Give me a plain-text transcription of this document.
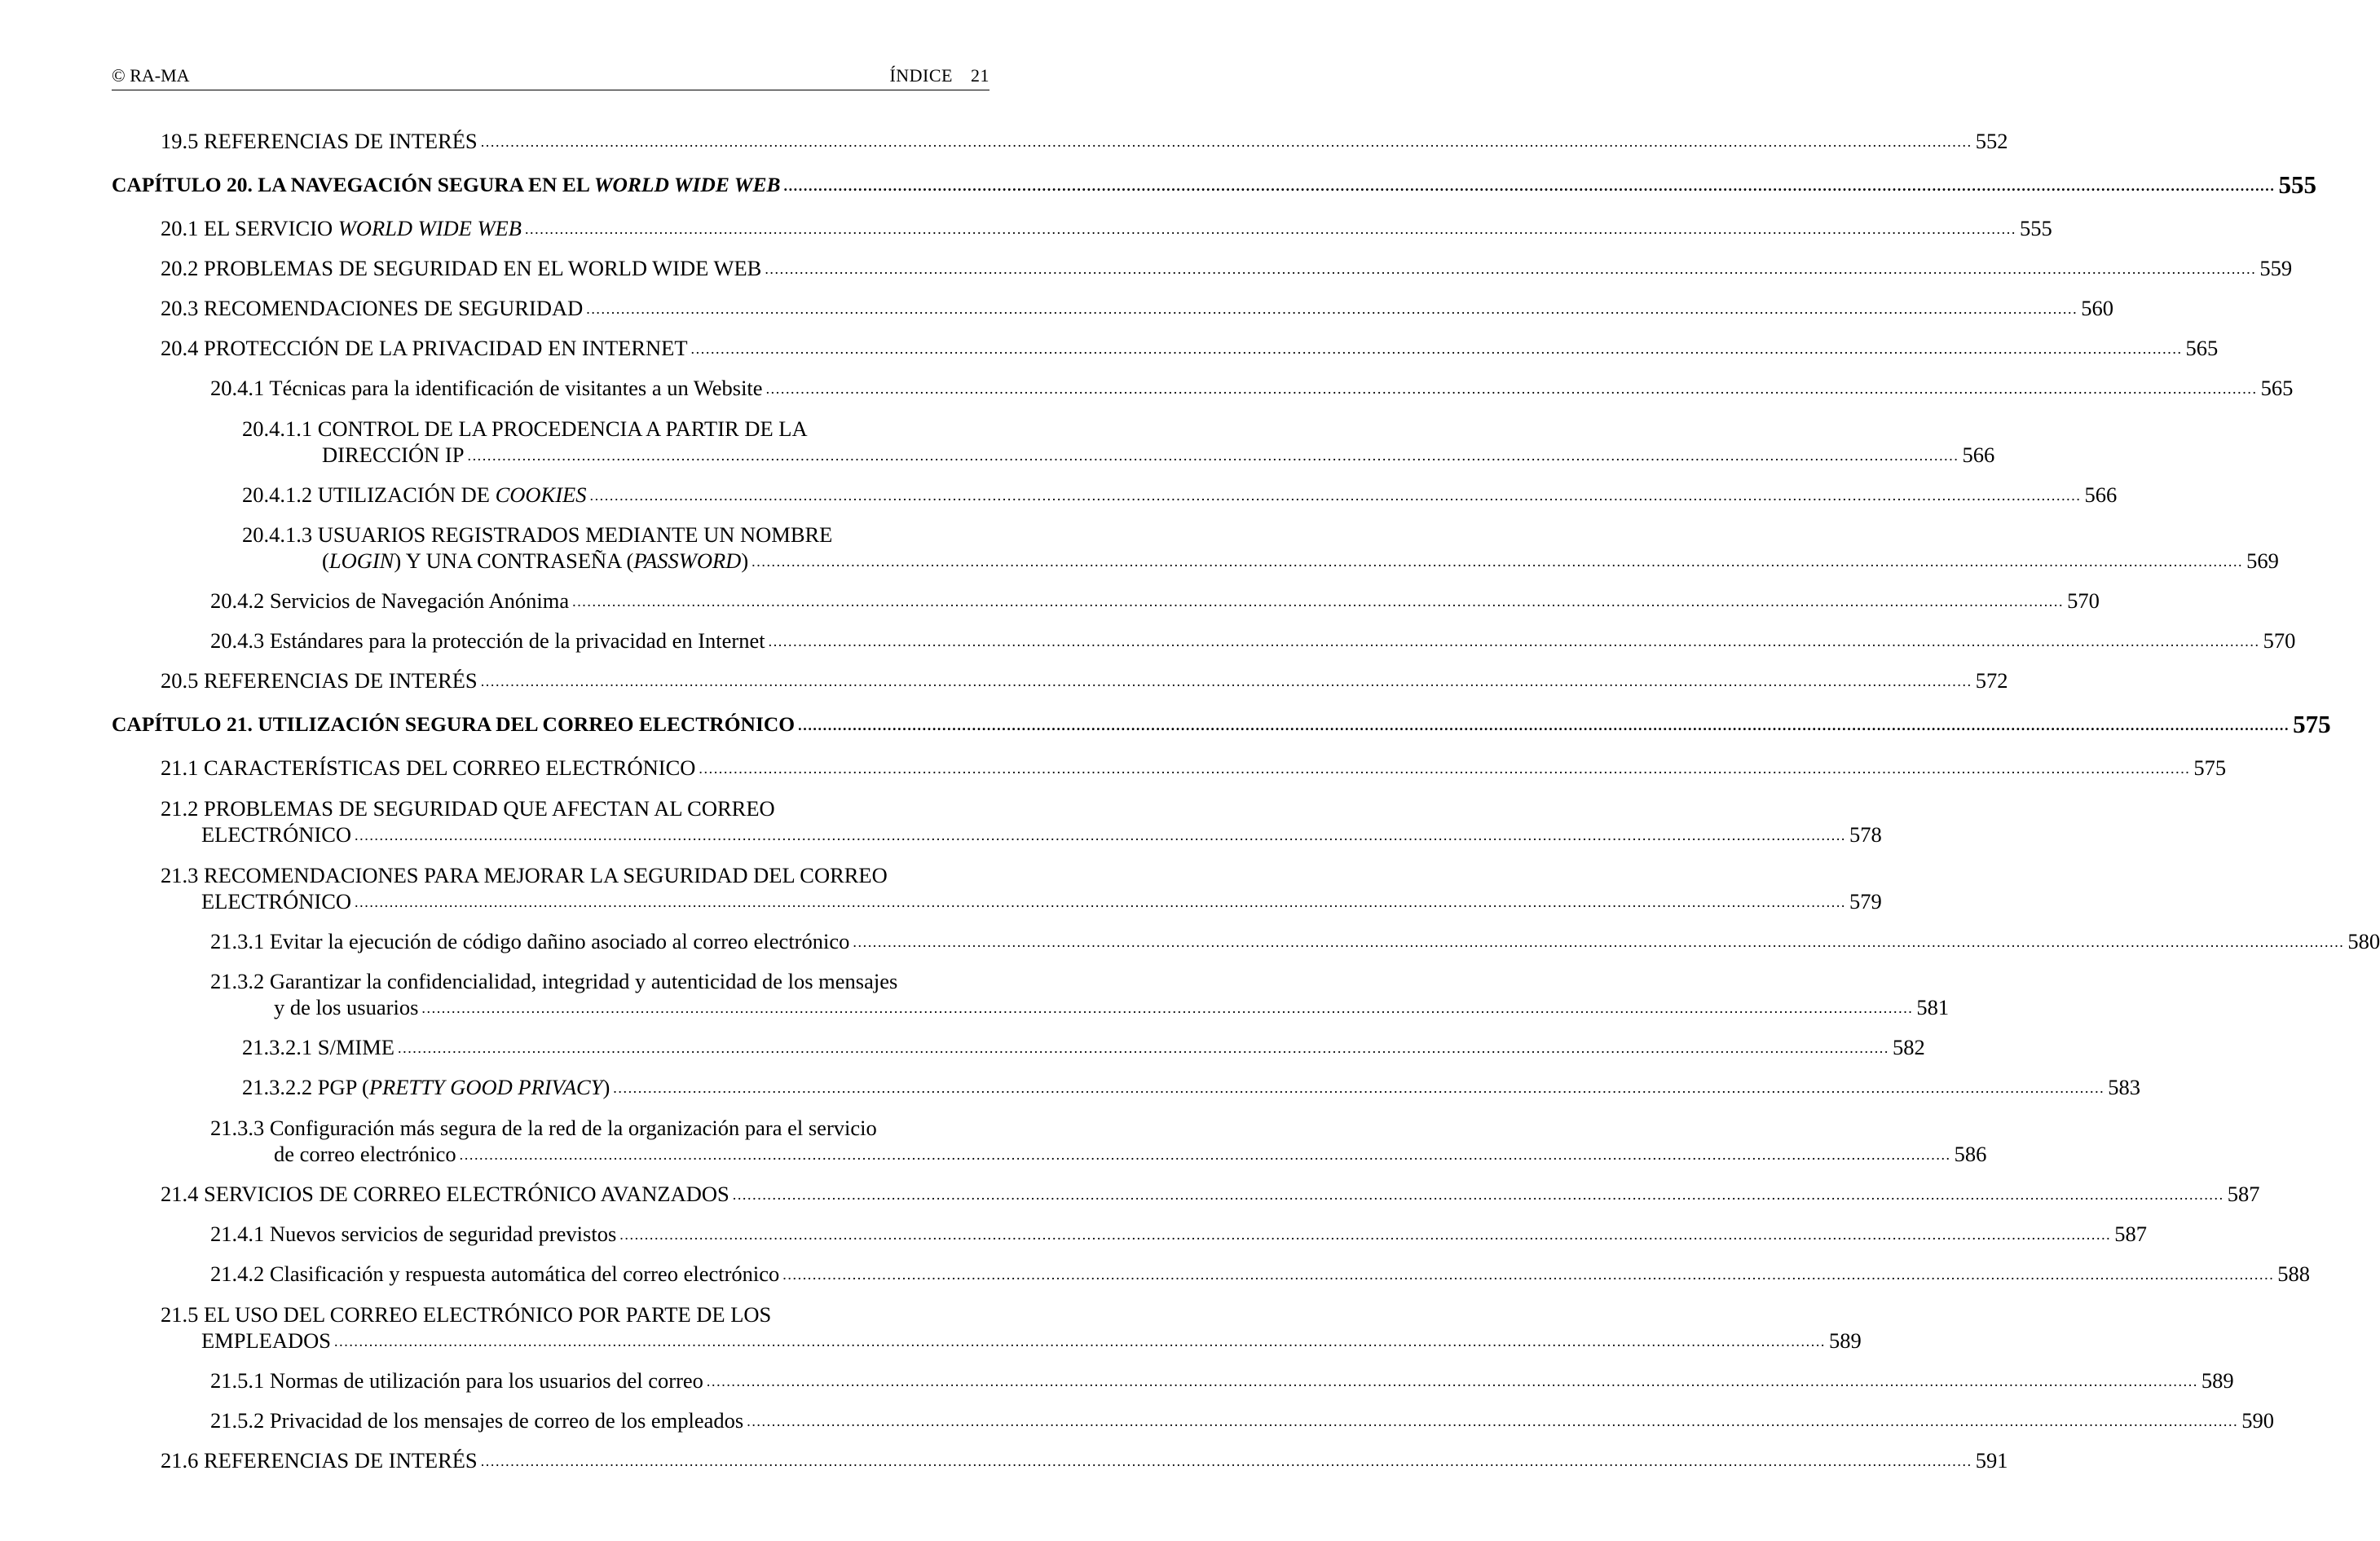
© RA-MA	ÍNDICE 21
19.5 REFERENCIAS DE INTERÉS ............................................................................................................................................................................................................................................................................................................ 552
CAPÍTULO 20. LA NAVEGACIÓN SEGURA EN EL WORLD WIDE WEB ............................................................................................................................................................................................................................................................................................................ 555
20.1 EL SERVICIO WORLD WIDE WEB ............................................................................................................................................................................................................................................................................................................ 555
20.2 PROBLEMAS DE SEGURIDAD EN EL WORLD WIDE WEB ............................................................................................................................................................................................................................................................................................................ 559
20.3 RECOMENDACIONES DE SEGURIDAD ............................................................................................................................................................................................................................................................................................................ 560
20.4 PROTECCIÓN DE LA PRIVACIDAD EN INTERNET ............................................................................................................................................................................................................................................................................................................ 565
20.4.1 Técnicas para la identificación de visitantes a un Website ............................................................................................................................................................................................................................................................................................................ 565
20.4.1.1 CONTROL DE LA PROCEDENCIA A PARTIR DE LA
DIRECCIÓN IP ............................................................................................................................................................................................................................................................................................................ 566
20.4.1.2 UTILIZACIÓN DE COOKIES ............................................................................................................................................................................................................................................................................................................ 566
20.4.1.3 USUARIOS REGISTRADOS MEDIANTE UN NOMBRE
(LOGIN) Y UNA CONTRASEÑA (PASSWORD) ............................................................................................................................................................................................................................................................................................................ 569
20.4.2 Servicios de Navegación Anónima ............................................................................................................................................................................................................................................................................................................ 570
20.4.3 Estándares para la protección de la privacidad en Internet ............................................................................................................................................................................................................................................................................................................ 570
20.5 REFERENCIAS DE INTERÉS ............................................................................................................................................................................................................................................................................................................ 572
CAPÍTULO 21. UTILIZACIÓN SEGURA DEL CORREO ELECTRÓNICO ............................................................................................................................................................................................................................................................................................................ 575
21.1 CARACTERÍSTICAS DEL CORREO ELECTRÓNICO ............................................................................................................................................................................................................................................................................................................ 575
21.2 PROBLEMAS DE SEGURIDAD QUE AFECTAN AL CORREO
ELECTRÓNICO ............................................................................................................................................................................................................................................................................................................ 578
21.3 RECOMENDACIONES PARA MEJORAR LA SEGURIDAD DEL CORREO
ELECTRÓNICO ............................................................................................................................................................................................................................................................................................................ 579
21.3.1 Evitar la ejecución de código dañino asociado al correo electrónico ............................................................................................................................................................................................................................................................................................................ 580
21.3.2 Garantizar la confidencialidad, integridad y autenticidad de los mensajes
y de los usuarios ............................................................................................................................................................................................................................................................................................................ 581
21.3.2.1 S/MIME ............................................................................................................................................................................................................................................................................................................ 582
21.3.2.2 PGP (PRETTY GOOD PRIVACY) ............................................................................................................................................................................................................................................................................................................ 583
21.3.3 Configuración más segura de la red de la organización para el servicio
de correo electrónico ............................................................................................................................................................................................................................................................................................................ 586
21.4 SERVICIOS DE CORREO ELECTRÓNICO AVANZADOS ............................................................................................................................................................................................................................................................................................................ 587
21.4.1 Nuevos servicios de seguridad previstos ............................................................................................................................................................................................................................................................................................................ 587
21.4.2 Clasificación y respuesta automática del correo electrónico ............................................................................................................................................................................................................................................................................................................ 588
21.5 EL USO DEL CORREO ELECTRÓNICO POR PARTE DE LOS
EMPLEADOS ............................................................................................................................................................................................................................................................................................................ 589
21.5.1 Normas de utilización para los usuarios del correo ............................................................................................................................................................................................................................................................................................................ 589
21.5.2 Privacidad de los mensajes de correo de los empleados ............................................................................................................................................................................................................................................................................................................ 590
21.6 REFERENCIAS DE INTERÉS ............................................................................................................................................................................................................................................................................................................ 591
